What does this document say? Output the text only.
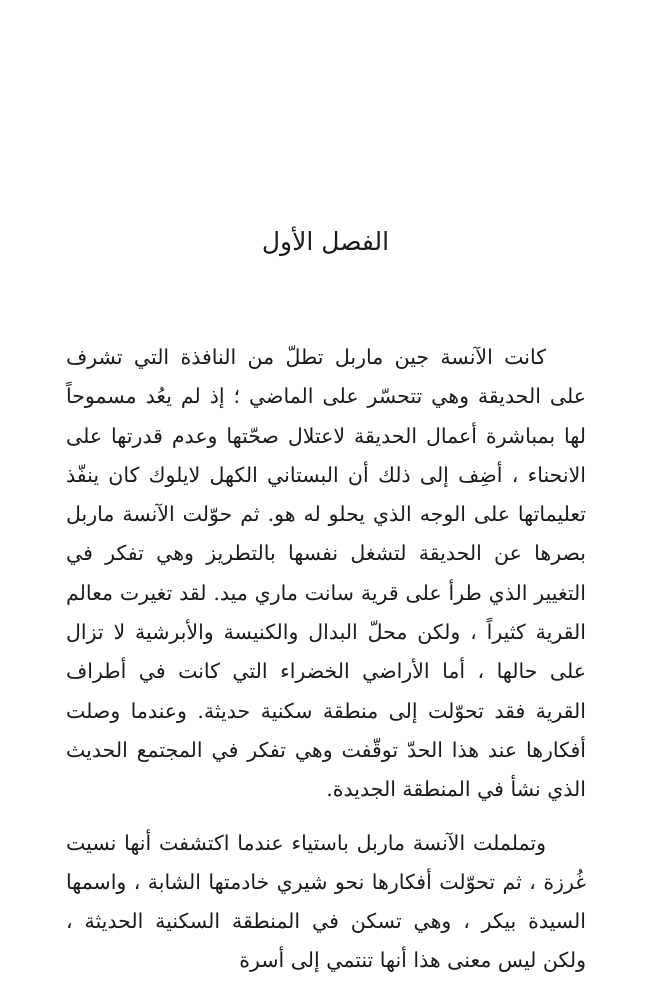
الفصل الأول

كانت الآنسة جين ماربل تطلّ من النافذة التي تشرف على الحديقة وهي تتحسّر على الماضي ؛ إذ لم يعُد مسموحاً لها بمباشرة أعمال الحديقة لاعتلال صحّتها وعدم قدرتها على الانحناء ، أضِف إلى ذلك أن البستاني الكهل لايلوك كان ينفّذ تعليماتها على الوجه الذي يحلو له هو. ثم حوّلت الآنسة ماربل بصرها عن الحديقة لتشغل نفسها بالتطريز وهي تفكر في التغيير الذي طرأ على قرية سانت ماري ميد. لقد تغيرت معالم القرية كثيراً ، ولكن محلّ البدال والكنيسة والأبرشية لا تزال على حالها ، أما الأراضي الخضراء التي كانت في أطراف القرية فقد تحوّلت إلى منطقة سكنية حديثة. وعندما وصلت أفكارها عند هذا الحدّ توقّفت وهي تفكر في المجتمع الحديث الذي نشأ في المنطقة الجديدة.

وتململت الآنسة ماربل باستياء عندما اكتشفت أنها نسيت غُرزة ، ثم تحوّلت أفكارها نحو شيري خادمتها الشابة ، واسمها السيدة بيكر ، وهي تسكن في المنطقة السكنية الحديثة ، ولكن ليس معنى هذا أنها تنتمي إلى أسرة
